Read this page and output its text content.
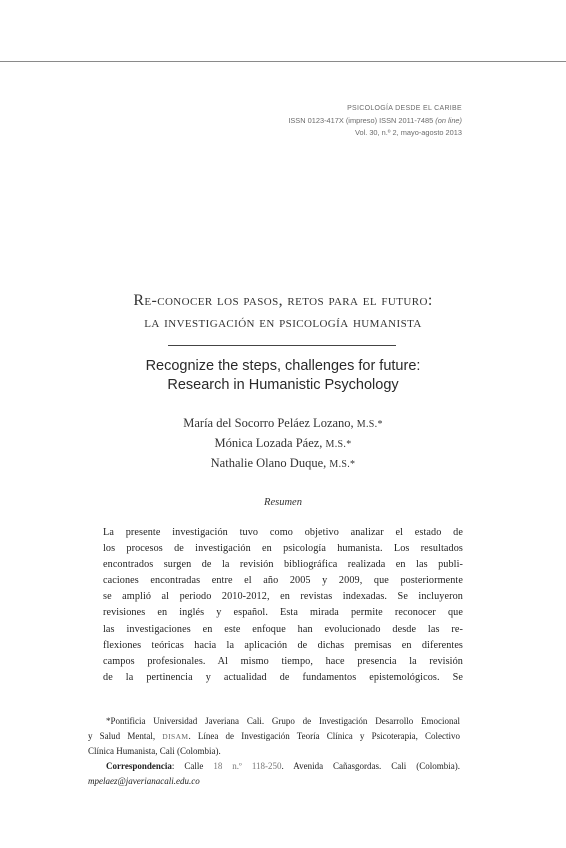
PSICOLOGÍA DESDE EL CARIBE
ISSN 0123-417X (impreso) ISSN 2011-7485 (on line)
Vol. 30, n.º 2, mayo-agosto 2013
Re-conocer los pasos, retos para el futuro:
la investigación en psicología humanista
Recognize the steps, challenges for future:
Research in Humanistic Psychology
María del Socorro Peláez Lozano, M.S.*
Mónica Lozada Páez, M.S.*
Nathalie Olano Duque, M.S.*
Resumen
La presente investigación tuvo como objetivo analizar el estado de
los procesos de investigación en psicología humanista. Los resultados
encontrados surgen de la revisión bibliográfica realizada en las publi-
caciones encontradas entre el año 2005 y 2009, que posteriormente
se amplió al periodo 2010-2012, en revistas indexadas. Se incluyeron
revisiones en inglés y español. Esta mirada permite reconocer que
las investigaciones en este enfoque han evolucionado desde las re-
flexiones teóricas hacia la aplicación de dichas premisas en diferentes
campos profesionales. Al mismo tiempo, hace presencia la revisión
de la pertinencia y actualidad de fundamentos epistemológicos. Se
*Pontificia Universidad Javeriana Cali. Grupo de Investigación Desarrollo Emocional
y Salud Mental, DISAM. Línea de Investigación Teoría Clínica y Psicoterapia, Colectivo
Clínica Humanista, Cali (Colombia).
Correspondencia: Calle 18 n.º 118-250. Avenida Cañasgordas. Cali (Colombia).
mpelaez@javerianacali.edu.co
